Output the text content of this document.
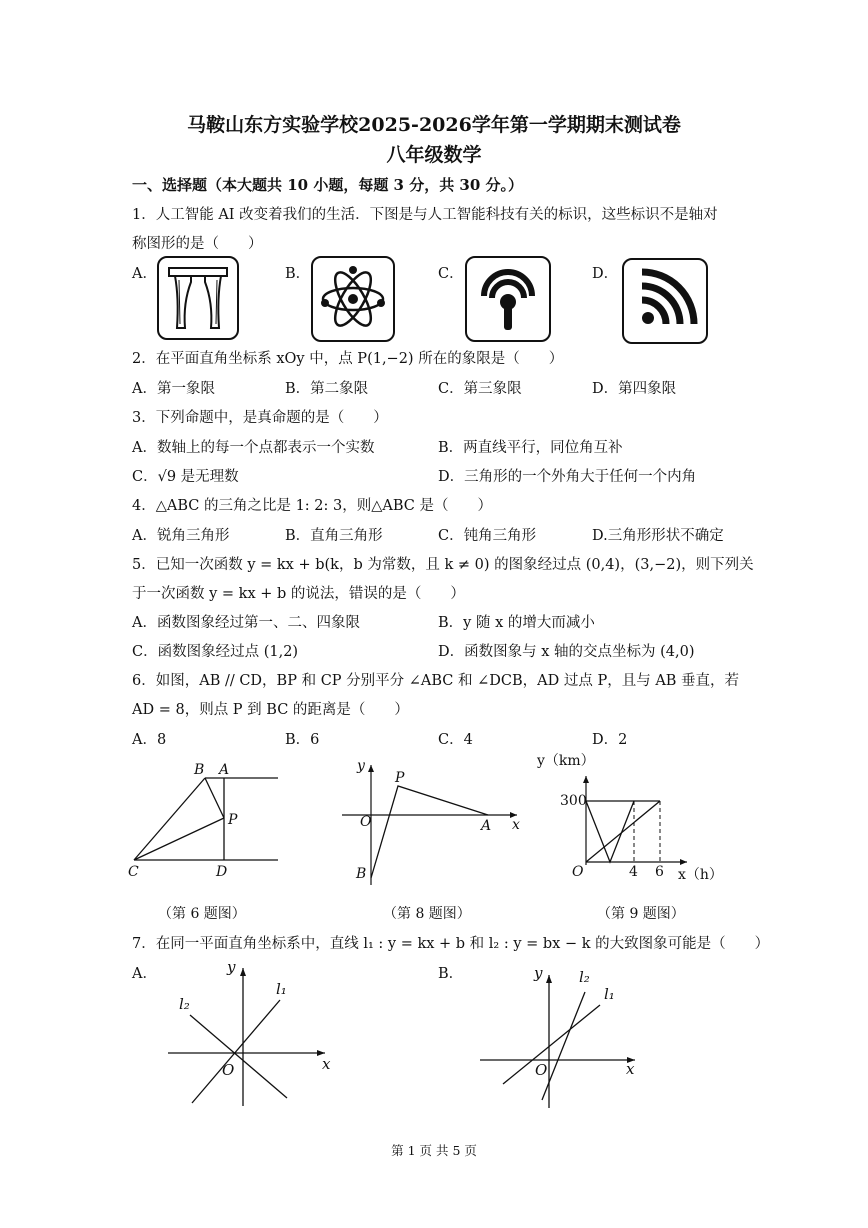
马鞍山东方实验学校2025-2026学年第一学期期末测试卷
八年级数学
一、选择题（本大题共 10 小题，每题 3 分，共 30 分。）
1．人工智能 AI 改变着我们的生活．下图是与人工智能科技有关的标识，这些标识不是轴对
称图形的是（　　）
A．	B．	C．	D．
2．在平面直角坐标系 xOy 中，点 P(1,−2) 所在的象限是（　　）
A．第一象限	B．第二象限	C．第三象限	D．第四象限
3．下列命题中，是真命题的是（　　）
A．数轴上的每一个点都表示一个实数	B．两直线平行，同位角互补
C．√9 是无理数	D．三角形的一个外角大于任何一个内角
4．△ABC 的三角之比是 1: 2: 3，则△ABC 是（　　）
A．锐角三角形	B．直角三角形	C．钝角三角形	D.三角形形状不确定
5．已知一次函数 y = kx + b(k，b 为常数，且 k ≠ 0) 的图象经过点 (0,4)，(3,−2)，则下列关
于一次函数 y = kx + b 的说法，错误的是（　　）
A．函数图象经过第一、二、四象限	B．y 随 x 的增大而减小
C．函数图象经过点 (1,2)	D．函数图象与 x 轴的交点坐标为 (4,0)
6．如图，AB // CD，BP 和 CP 分别平分 ∠ABC 和 ∠DCB，AD 过点 P，且与 AB 垂直，若
AD = 8，则点 P 到 BC 的距离是（　　）
A．8	B．6	C．4	D．2
B A
P
C	D
（第 6 题图）
y
P
O	A x
B
（第 8 题图）
y（km）
300
O	4 6 x（h）
（第 9 题图）
7．在同一平面直角坐标系中，直线 l₁ : y = kx + b 和 l₂ : y = bx − k 的大致图象可能是（　　）
A．	B．
y
l₁
l₂
O	x
y l₂
l₁
O	x
第 1 页 共 5 页
